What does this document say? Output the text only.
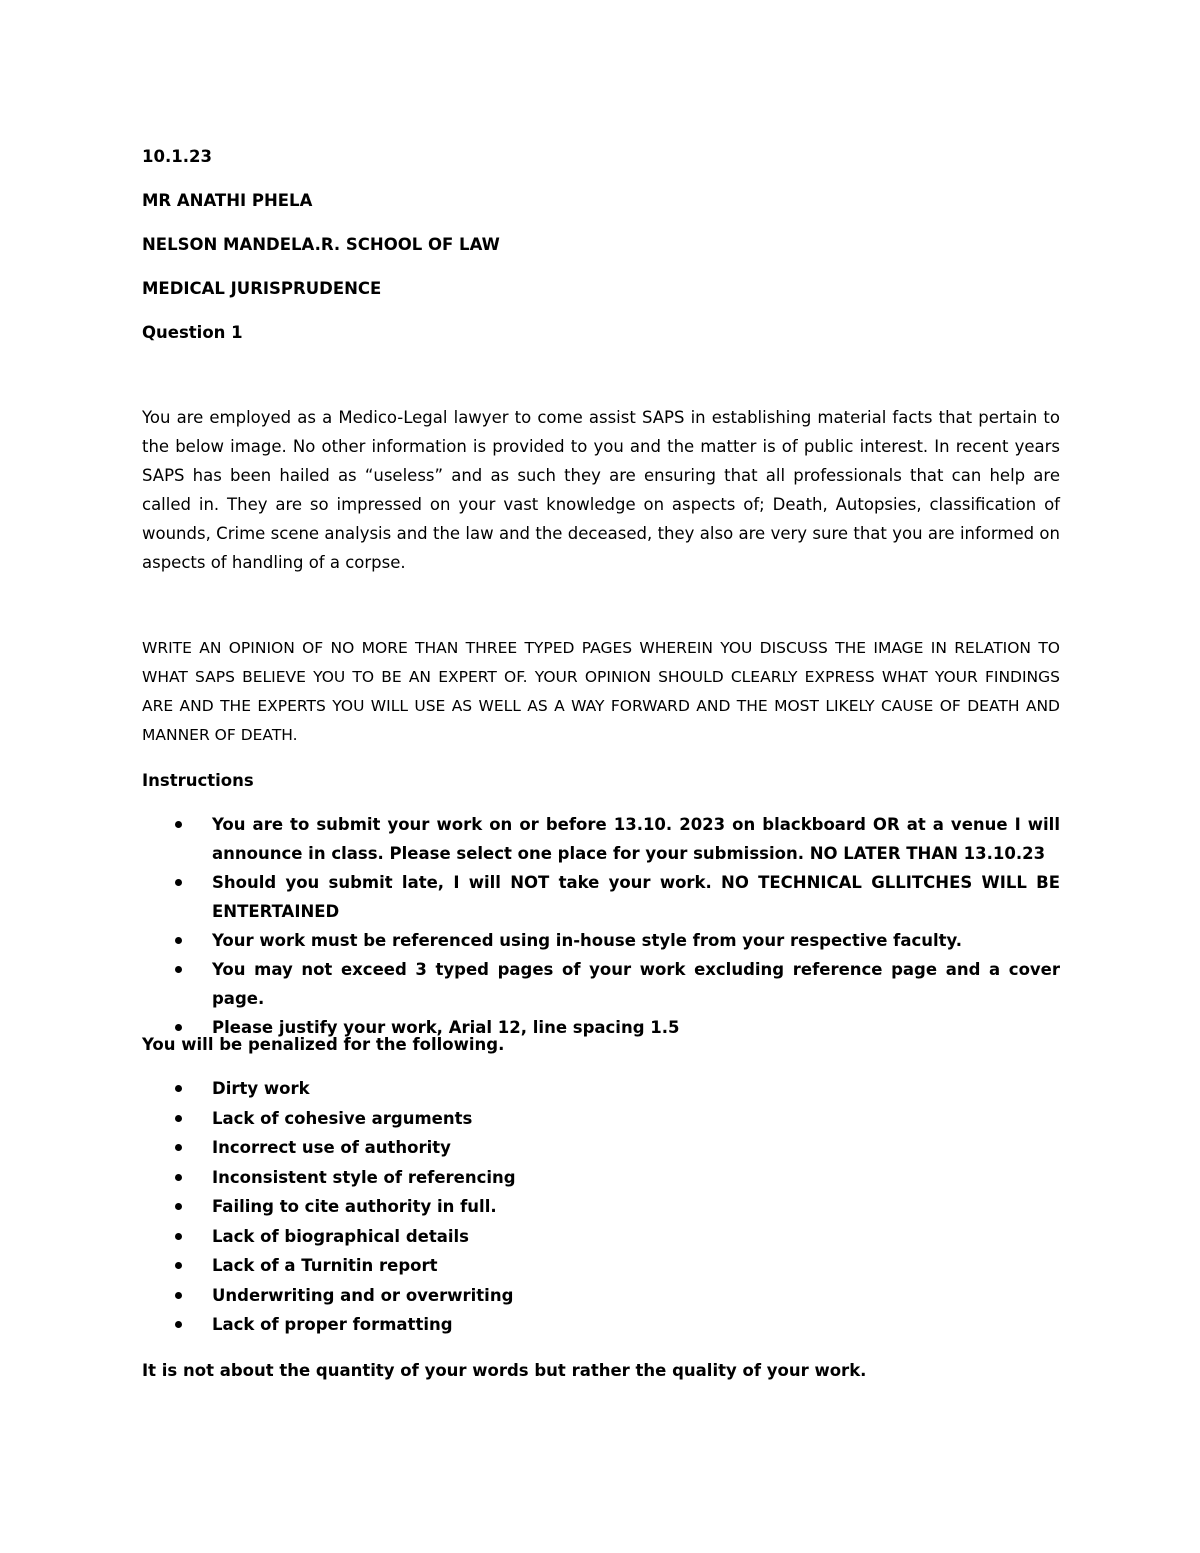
10.1.23
MR ANATHI PHELA
NELSON MANDELA.R. SCHOOL OF LAW
MEDICAL JURISPRUDENCE
Question 1
You are employed as a Medico-Legal lawyer to come assist SAPS in establishing material facts that pertain to the below image. No other information is provided to you and the matter is of public interest. In recent years SAPS has been hailed as “useless” and as such they are ensuring that all professionals that can help are called in. They are so impressed on your vast knowledge on aspects of; Death, Autopsies, classification of wounds, Crime scene analysis and the law and the deceased, they also are very sure that you are informed on aspects of handling of a corpse.
WRITE AN OPINION OF NO MORE THAN THREE TYPED PAGES WHEREIN YOU DISCUSS THE IMAGE IN RELATION TO WHAT SAPS BELIEVE YOU TO BE AN EXPERT OF. YOUR OPINION SHOULD CLEARLY EXPRESS WHAT YOUR FINDINGS ARE AND THE EXPERTS YOU WILL USE AS WELL AS A WAY FORWARD AND THE MOST LIKELY CAUSE OF DEATH AND MANNER OF DEATH.
Instructions
You are to submit your work on or before 13.10. 2023 on blackboard OR at a venue I will announce in class. Please select one place for your submission. NO LATER THAN 13.10.23
Should you submit late, I will NOT take your work. NO TECHNICAL GLLITCHES WILL BE ENTERTAINED
Your work must be referenced using in-house style from your respective faculty.
You may not exceed 3 typed pages of your work excluding reference page and a cover page.
Please justify your work, Arial 12, line spacing 1.5
You will be penalized for the following.
Dirty work
Lack of cohesive arguments
Incorrect use of authority
Inconsistent style of referencing
Failing to cite authority in full.
Lack of biographical details
Lack of a Turnitin report
Underwriting and or overwriting
Lack of proper formatting
It is not about the quantity of your words but rather the quality of your work.
